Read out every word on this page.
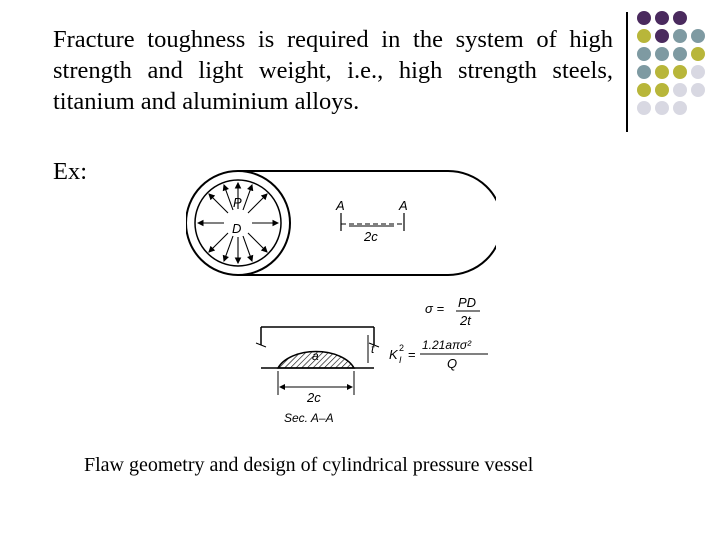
Fracture toughness is required in the system of high strength and light weight, i.e., high strength steels, titanium and aluminium alloys.
Ex:
P
D
A	A
2c
σ = PD
2t
K 2
I =
1.21aπσ²
Q
a	t
2c
Sec. A–A
Flaw geometry and design of cylindrical pressure vessel
